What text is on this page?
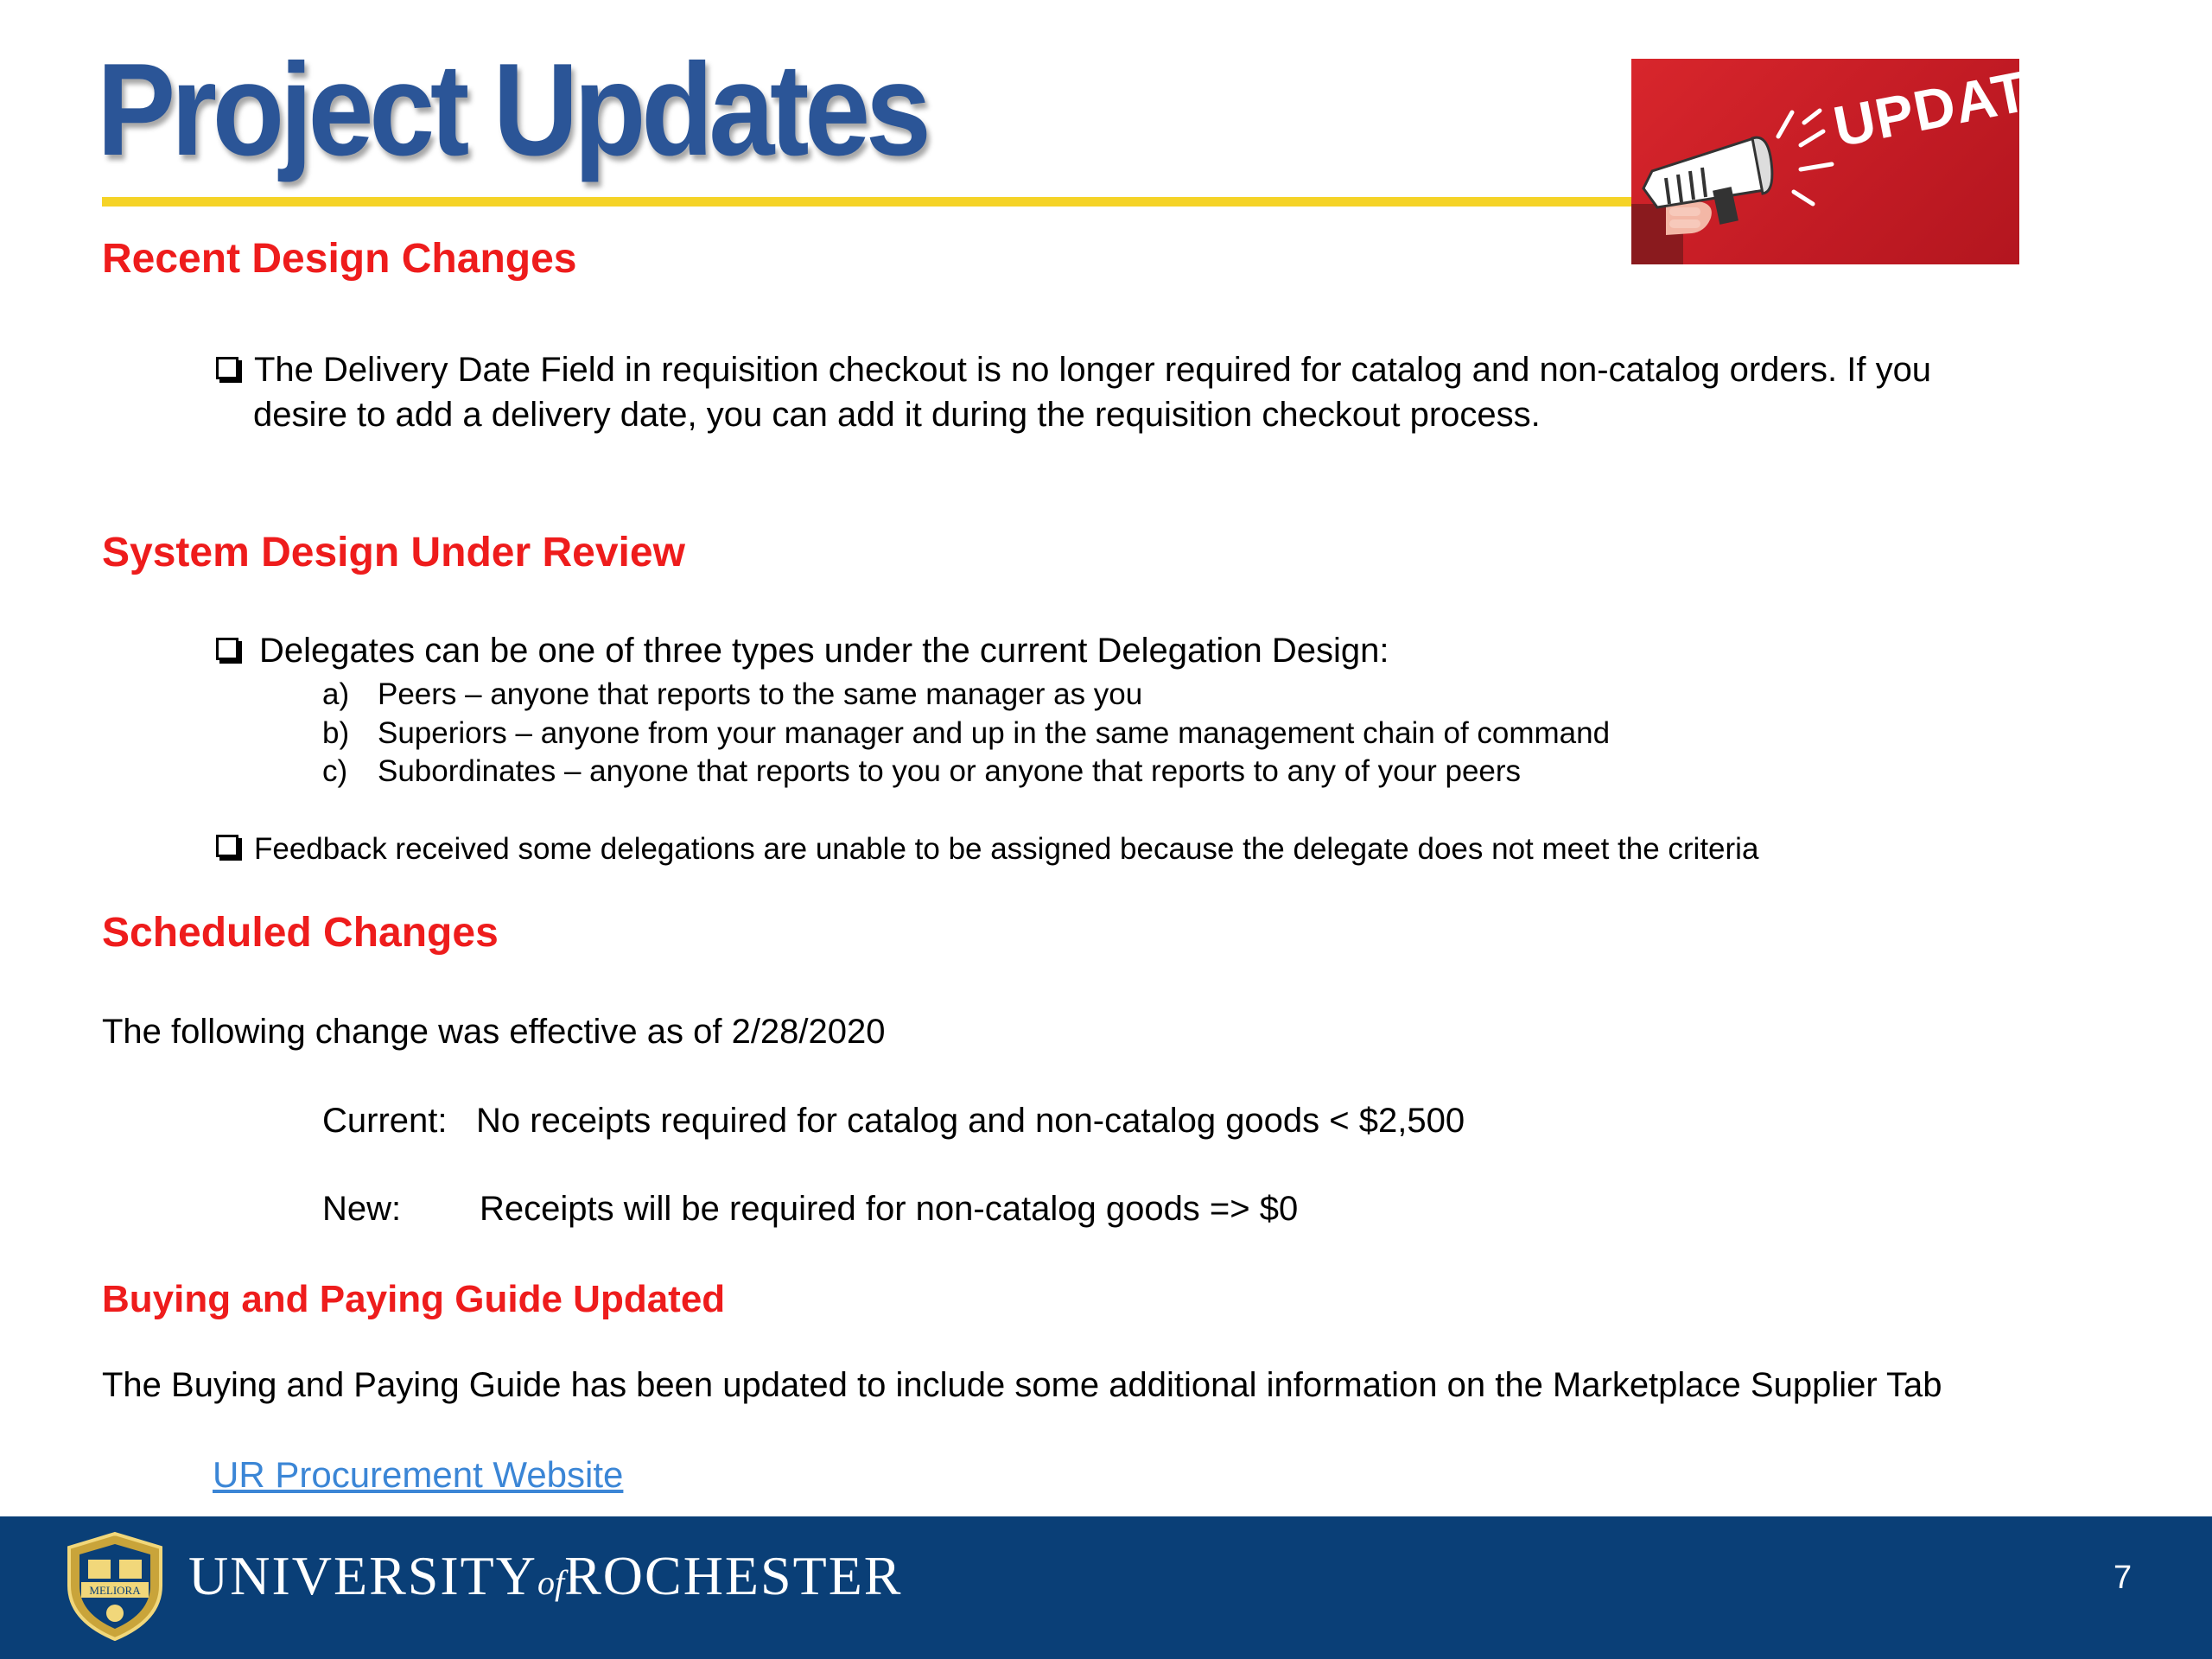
Project Updates	UPDATE
Recent Design Changes
The Delivery Date Field in requisition checkout is no longer required for catalog and non-catalog orders. If you
desire to add a delivery date, you can add it during the requisition checkout process.
System Design Under Review
Delegates can be one of three types under the current Delegation Design:
a) Peers – anyone that reports to the same manager as you
b) Superiors – anyone from your manager and up in the same management chain of command
c) Subordinates – anyone that reports to you or anyone that reports to any of your peers
Feedback received some delegations are unable to be assigned because the delegate does not meet the criteria
Scheduled Changes
The following change was effective as of 2/28/2020
Current: No receipts required for catalog and non-catalog goods < $2,500
New: Receipts will be required for non-catalog goods => $0
Buying and Paying Guide Updated
The Buying and Paying Guide has been updated to include some additional information on the Marketplace Supplier Tab
UR Procurement Website
MELIORA UNIVERSITYofROCHESTER	7
